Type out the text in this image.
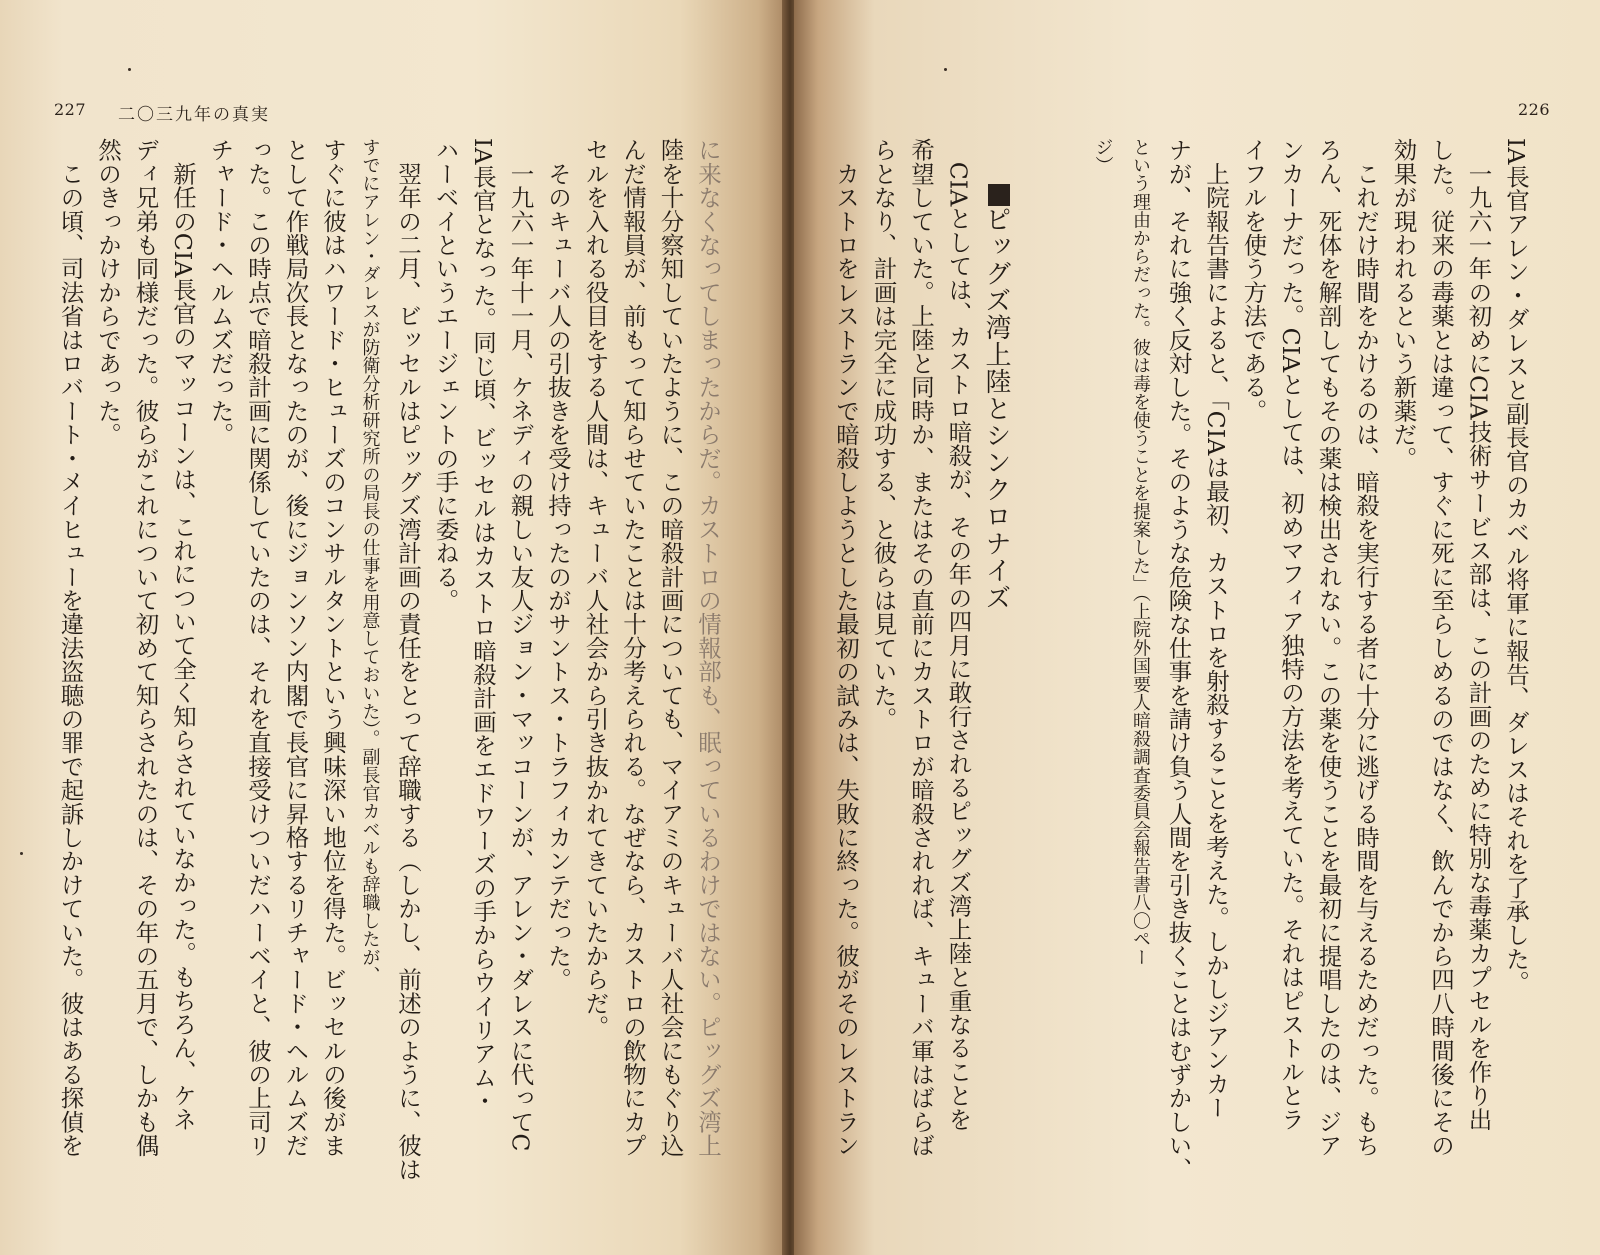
227 二〇三九年の真実
に来なくなってしまったからだ。カストロの情報部も、眠っているわけではない。ピッグズ湾上
陸を十分察知していたように、この暗殺計画についても、マイアミのキューバ人社会にもぐり込
んだ情報員が、前もって知らせていたことは十分考えられる。なぜなら、カストロの飲物にカプ
セルを入れる役目をする人間は、キューバ人社会から引き抜かれてきていたからだ。
　そのキューバ人の引抜きを受け持ったのがサントス・トラフィカンテだった。
　一九六一年十一月、ケネディの親しい友人ジョン・マッコーンが、アレン・ダレスに代ってC
IA長官となった。同じ頃、ビッセルはカストロ暗殺計画をエドワーズの手からウイリアム・
ハーベイというエージェントの手に委ねる。
　翌年の二月、ビッセルはピッグズ湾計画の責任をとって辞職する（しかし、前述のように、彼は
すでにアレン・ダレスが防衛分析研究所の局長の仕事を用意しておいた）。副長官カベルも辞職したが、
すぐに彼はハワード・ヒューズのコンサルタントという興味深い地位を得た。ビッセルの後がま
として作戦局次長となったのが、後にジョンソン内閣で長官に昇格するリチャード・ヘルムズだ
った。この時点で暗殺計画に関係していたのは、それを直接受けついだハーベイと、彼の上司リ
チャード・ヘルムズだった。
　新任のCIA長官のマッコーンは、これについて全く知らされていなかった。もちろん、ケネ
ディ兄弟も同様だった。彼らがこれについて初めて知らされたのは、その年の五月で、しかも偶
然のきっかけからであった。
　この頃、司法省はロバート・メイヒューを違法盗聴の罪で起訴しかけていた。彼はある探偵を
226
IA長官アレン・ダレスと副長官のカベル将軍に報告、ダレスはそれを了承した。
　一九六一年の初めにCIA技術サービス部は、この計画のために特別な毒薬カプセルを作り出
した。従来の毒薬とは違って、すぐに死に至らしめるのではなく、飲んでから四八時間後にその
効果が現われるという新薬だ。
　これだけ時間をかけるのは、暗殺を実行する者に十分に逃げる時間を与えるためだった。もち
ろん、死体を解剖してもその薬は検出されない。この薬を使うことを最初に提唱したのは、ジア
ンカーナだった。CIAとしては、初めマフィア独特の方法を考えていた。それはピストルとラ
イフルを使う方法である。
　上院報告書によると、「CIAは最初、カストロを射殺することを考えた。しかしジアンカー
ナが、それに強く反対した。そのような危険な仕事を請け負う人間を引き抜くことはむずかしい、
という理由からだった。彼は毒を使うことを提案した」（上院外国要人暗殺調査委員会報告書八〇ペー
ジ）
ピッグズ湾上陸とシンクロナイズ
　CIAとしては、カストロ暗殺が、その年の四月に敢行されるピッグズ湾上陸と重なることを
希望していた。上陸と同時か、またはその直前にカストロが暗殺されれば、キューバ軍はばらば
らとなり、計画は完全に成功する、と彼らは見ていた。
　カストロをレストランで暗殺しようとした最初の試みは、失敗に終った。彼がそのレストラン
